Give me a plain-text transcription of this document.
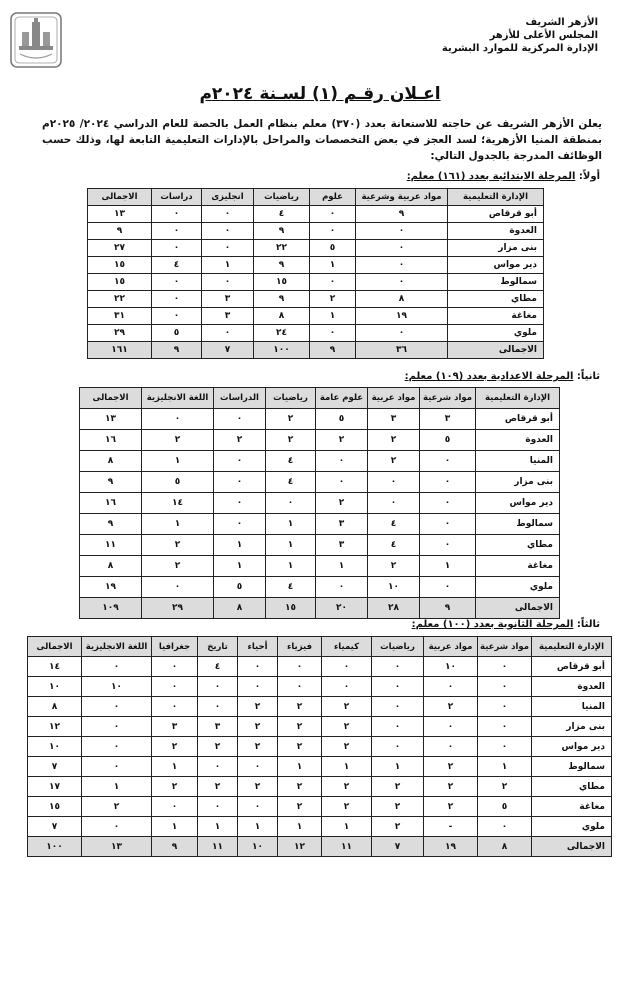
الأزهر الشريف
المجلس الأعلى للأزهر
الإدارة المركزية للموارد البشرية
اعـلان رقـم (١) لسـنة ٢٠٢٤م
يعلن الأزهر الشريف عن حاجته للاستعانة بعدد (٣٧٠) معلم بنظام العمل بالحصة للعام الدراسي ٢٠٢٤/ ٢٠٢٥م بمنطقة المنيا الأزهرية؛ لسد العجز في بعض التخصصات والمراحل بالإدارات التعليمية التابعة لها، وذلك حسب الوظائف المدرجة بالجدول التالي:
أولاً: المرحلة الابتدائية بعدد (١٦١) معلم:
الإدارة التعليمية	مواد عربية وشرعية	علوم	رياضيات	انجليزى	دراسات	الاجمالى
أبو قرقاص	٩	٠	٤	٠	٠	١٣
العدوة	٠	٠	٩	٠	٠	٩
بنى مزار	٠	٥	٢٢	٠	٠	٢٧
دير مواس	٠	١	٩	١	٤	١٥
سمالوط	٠	٠	١٥	٠	٠	١٥
مطاي	٨	٢	٩	٣	٠	٢٢
مغاغة	١٩	١	٨	٣	٠	٣١
ملوي	٠	٠	٢٤	٠	٥	٢٩
الاجمالى	٣٦	٩	١٠٠	٧	٩	١٦١
ثانياً: المرحلة الاعدادية بعدد (١٠٩) معلم:
الإدارة التعليمية	مواد شرعية	مواد عربية	علوم عامة	رياضيات	الدراسات	اللغة الانجليزية	الاجمالى
أبو قرقاص	٣	٣	٥	٢	٠	٠	١٣
العدوة	٥	٢	٢	٢	٢	٢	١٦
المنيا	٠	٢	٠	٤	٠	١	٨
بنى مزار	٠	٠	٠	٤	٠	٥	٩
دير مواس	٠	٠	٢	٠	٠	١٤	١٦
سمالوط	٠	٤	٣	١	٠	١	٩
مطاي	٠	٤	٣	١	١	٢	١١
مغاغة	١	٢	١	١	١	٢	٨
ملوي	٠	١٠	٠	٤	٥	٠	١٩
الاجمالى	٩	٢٨	٢٠	١٥	٨	٢٩	١٠٩
ثالثاً: المرحلة الثانوية بعدد (١٠٠) معلم:
الإدارة التعليمية	مواد شرعية	مواد عربية	رياضيات	كيمياء	فيزياء	أحياء	تاريخ	جغرافيا	اللغة الانجليزية	الاجمالى
أبو قرقاص	٠	١٠	٠	٠	٠	٠	٤	٠	٠	١٤
العدوة	٠	٠	٠	٠	٠	٠	٠	٠	١٠	١٠
المنيا	٠	٢	٠	٢	٢	٢	٠	٠	٠	٨
بنى مزار	٠	٠	٠	٢	٢	٢	٣	٣	٠	١٢
دير مواس	٠	٠	٠	٢	٢	٢	٢	٢	٠	١٠
سمالوط	١	٢	١	١	١	٠	٠	١	٠	٧
مطاي	٢	٢	٢	٢	٢	٢	٢	٢	١	١٧
مغاغة	٥	٢	٢	٢	٢	٠	٠	٠	٢	١٥
ملوي	٠	-	٢	١	١	١	١	١	٠	٧
الاجمالى	٨	١٩	٧	١١	١٢	١٠	١١	٩	١٣	١٠٠
